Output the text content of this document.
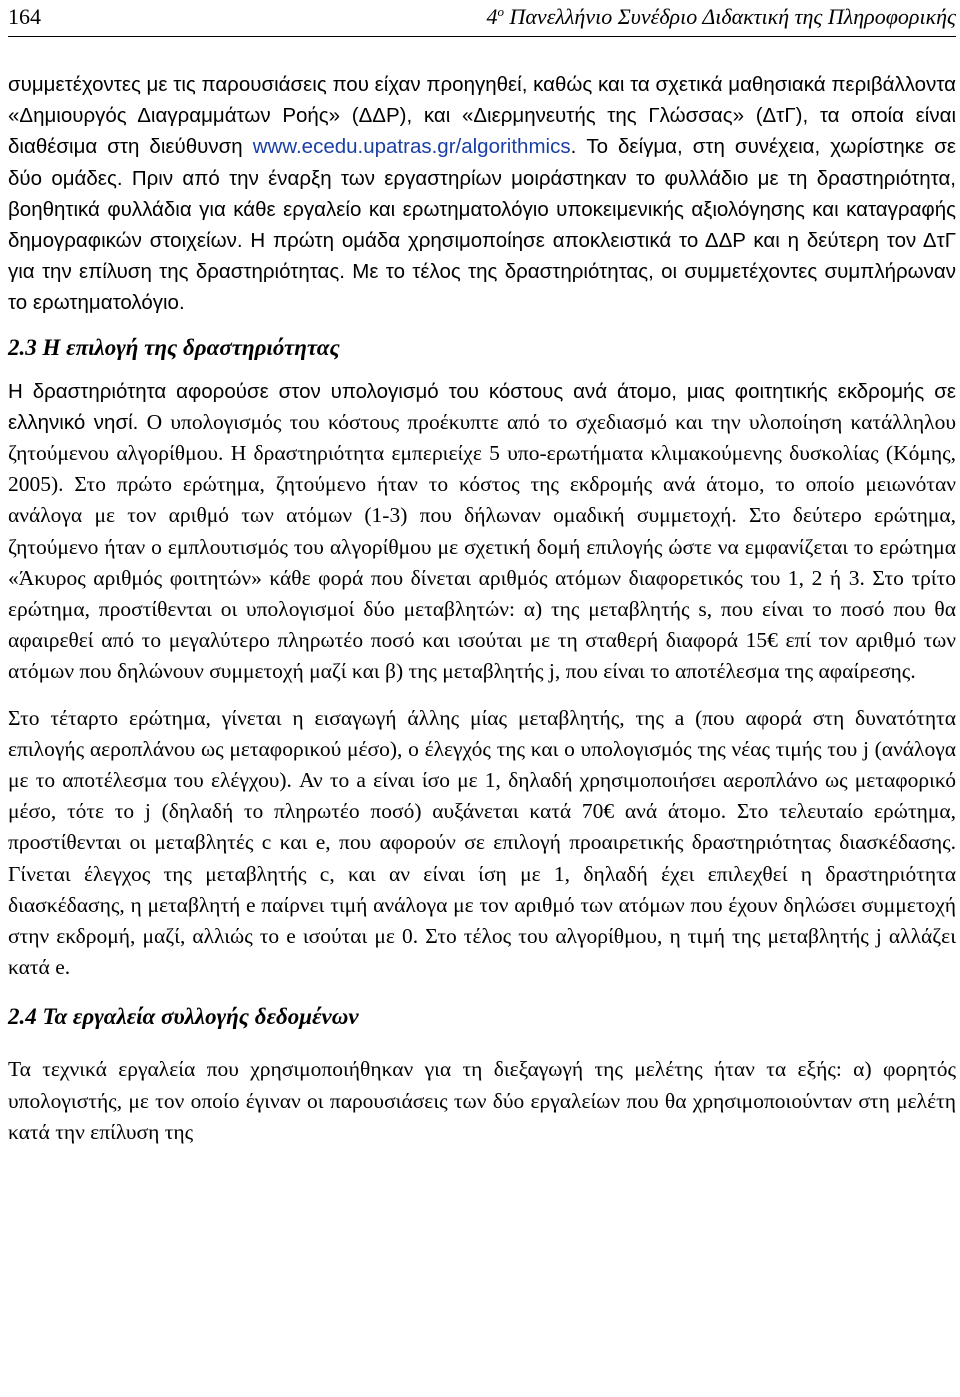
164	$4^o$ Πανελλήνιο Συνέδριο Διδακτική της Πληροφορικής

συμμετέχοντες με τις παρουσιάσεις που είχαν προηγηθεί, καθώς και τα σχετικά μαθησιακά περιβάλλοντα «Δημιουργός Διαγραμμάτων Ροής» (ΔΔΡ), και «Διερμηνευτής της Γλώσσας» (ΔτΓ), τα οποία είναι διαθέσιμα στη διεύθυνση www.ecedu.upatras.gr/algorithmics. Το δείγμα, στη συνέχεια, χωρίστηκε σε δύο ομάδες. Πριν από την έναρξη των εργαστηρίων μοιράστηκαν το φυλλάδιο με τη δραστηριότητα, βοηθητικά φυλλάδια για κάθε εργαλείο και ερωτηματολόγιο υποκειμενικής αξιολόγησης και καταγραφής δημογραφικών στοιχείων. Η πρώτη ομάδα χρησιμοποίησε αποκλειστικά το ΔΔΡ και η δεύτερη τον ΔτΓ για την επίλυση της δραστηριότητας. Με το τέλος της δραστηριότητας, οι συμμετέχοντες συμπλήρωναν το ερωτηματολόγιο.

2.3 Η επιλογή της δραστηριότητας

Η δραστηριότητα αφορούσε στον υπολογισμό του κόστους ανά άτομο, μιας φοιτητικής εκδρομής σε ελληνικό νησί. Ο υπολογισμός του κόστους προέκυπτε από το σχεδιασμό και την υλοποίηση κατάλληλου ζητούμενου αλγορίθμου. Η δραστηριότητα εμπεριείχε 5 υπο-ερωτήματα κλιμακούμενης δυσκολίας (Κόμης, 2005). Στο πρώτο ερώτημα, ζητούμενο ήταν το κόστος της εκδρομής ανά άτομο, το οποίο μειωνόταν ανάλογα με τον αριθμό των ατόμων (1-3) που δήλωναν ομαδική συμμετοχή. Στο δεύτερο ερώτημα, ζητούμενο ήταν ο εμπλουτισμός του αλγορίθμου με σχετική δομή επιλογής ώστε να εμφανίζεται το ερώτημα «Άκυρος αριθμός φοιτητών» κάθε φορά που δίνεται αριθμός ατόμων διαφορετικός του 1, 2 ή 3. Στο τρίτο ερώτημα, προστίθενται οι υπολογισμοί δύο μεταβλητών: α) της μεταβλητής s, που είναι το ποσό που θα αφαιρεθεί από το μεγαλύτερο πληρωτέο ποσό και ισούται με τη σταθερή διαφορά 15€ επί τον αριθμό των ατόμων που δηλώνουν συμμετοχή μαζί και β) της μεταβλητής j, που είναι το αποτέλεσμα της αφαίρεσης.

Στο τέταρτο ερώτημα, γίνεται η εισαγωγή άλλης μίας μεταβλητής, της a (που αφορά στη δυνατότητα επιλογής αεροπλάνου ως μεταφορικού μέσο), ο έλεγχός της και ο υπολογισμός της νέας τιμής του j (ανάλογα με το αποτέλεσμα του ελέγχου). Αν το a είναι ίσο με 1, δηλαδή χρησιμοποιήσει αεροπλάνο ως μεταφορικό μέσο, τότε το j (δηλαδή το πληρωτέο ποσό) αυξάνεται κατά 70€ ανά άτομο. Στο τελευταίο ερώτημα, προστίθενται οι μεταβλητές c και e, που αφορούν σε επιλογή προαιρετικής δραστηριότητας διασκέδασης. Γίνεται έλεγχος της μεταβλητής c, και αν είναι ίση με 1, δηλαδή έχει επιλεχθεί η δραστηριότητα διασκέδασης, η μεταβλητή e παίρνει τιμή ανάλογα με τον αριθμό των ατόμων που έχουν δηλώσει συμμετοχή στην εκδρομή, μαζί, αλλιώς το e ισούται με 0. Στο τέλος του αλγορίθμου, η τιμή της μεταβλητής j αλλάζει κατά e.

2.4 Τα εργαλεία συλλογής δεδομένων

Τα τεχνικά εργαλεία που χρησιμοποιήθηκαν για τη διεξαγωγή της μελέτης ήταν τα εξής: α) φορητός υπολογιστής, με τον οποίο έγιναν οι παρουσιάσεις των δύο εργαλείων που θα χρησιμοποιούνταν στη μελέτη κατά την επίλυση της
